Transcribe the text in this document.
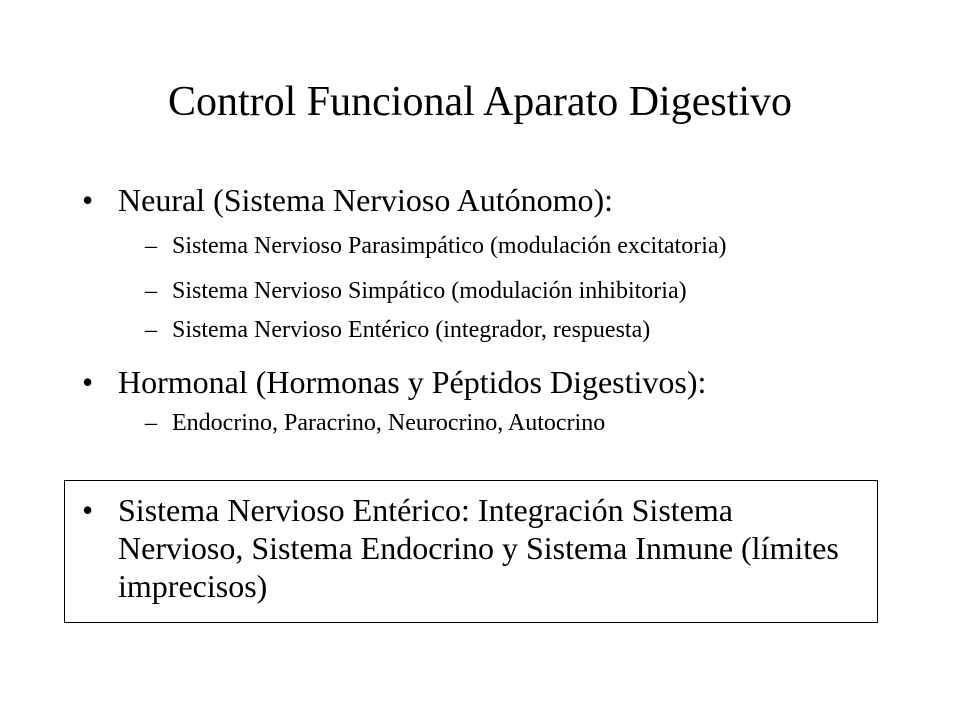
Control Funcional Aparato Digestivo
• Neural (Sistema Nervioso Autónomo):
– Sistema Nervioso Parasimpático (modulación excitatoria)
– Sistema Nervioso Simpático (modulación inhibitoria)
– Sistema Nervioso Entérico (integrador, respuesta)
• Hormonal (Hormonas y Péptidos Digestivos):
– Endocrino, Paracrino, Neurocrino, Autocrino
• Sistema Nervioso Entérico: Integración Sistema Nervioso, Sistema Endocrino y Sistema Inmune (límites imprecisos)
